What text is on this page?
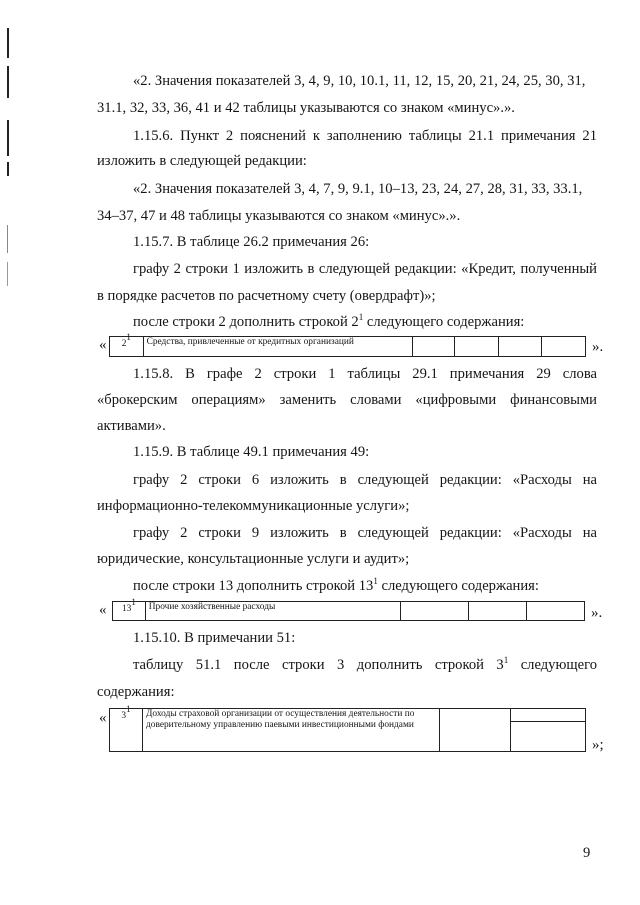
«2. Значения показателей 3, 4, 9, 10, 10.1, 11, 12, 15, 20, 21, 24, 25, 30, 31,
31.1, 32, 33, 36, 41 и 42 таблицы указываются со знаком «минус».».
1.15.6. Пункт 2 пояснений к заполнению таблицы 21.1 примечания 21
изложить в следующей редакции:
«2. Значения показателей 3, 4, 7, 9, 9.1, 10–13, 23, 24, 27, 28, 31, 33, 33.1,
34–37, 47 и 48 таблицы указываются со знаком «минус».».
1.15.7. В таблице 26.2 примечания 26:
графу 2 строки 1 изложить в следующей редакции: «Кредит, полученный
в порядке расчетов по расчетному счету (овердрафт)»;
после строки 2 дополнить строкой $2^1$ следующего содержания:
« $2^1$	Средства, привлеченные от кредитных организаций					».
1.15.8. В графе 2 строки 1 таблицы 29.1 примечания 29 слова
«брокерским операциям» заменить словами «цифровыми финансовыми
активами».
1.15.9. В таблице 49.1 примечания 49:
графу 2 строки 6 изложить в следующей редакции: «Расходы на
информационно-телекоммуникационные услуги»;
графу 2 строки 9 изложить в следующей редакции: «Расходы на
юридические, консультационные услуги и аудит»;
после строки 13 дополнить строкой $13^1$ следующего содержания:
« $13^1$	Прочие хозяйственные расходы				».
1.15.10. В примечании 51:
таблицу 51.1 после строки 3 дополнить строкой $3^1$ следующего
содержания:
« $3^1$	Доходы страховой организации от осуществления деятельности по доверительному управлению паевыми инвестиционными фондами		

»;
9
